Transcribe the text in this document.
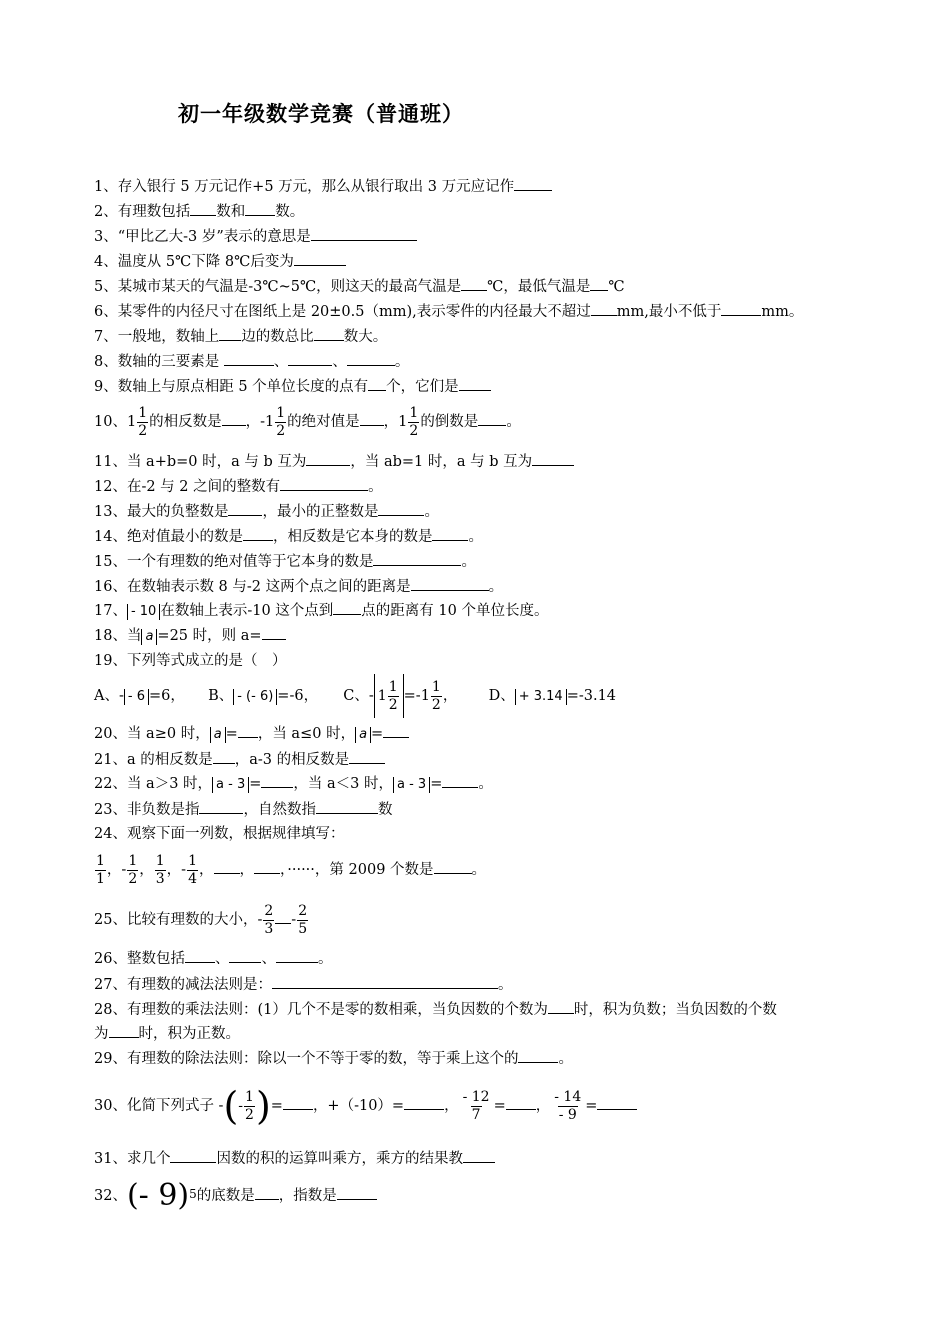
初一年级数学竞赛（普通班）
1、存入银行 5 万元记作+5 万元，那么从银行取出 3 万元应记作
2、有理数包括 数和 数。
3、“甲比乙大-3 岁”表示的意思是
4、温度从 5℃下降 8℃后变为
5、某城市某天的气温是-3℃~5℃，则这天的最高气温是 ℃，最低气温是 ℃
6、某零件的内径尺寸在图纸上是 20±0.5（mm),表示零件的内径最大不超过 mm,最小不低于	mm。
7、一般地，数轴上 边的数总比 数大。
8、数轴的三要素是	、	、	。
9、数轴上与原点相距 5 个单位长度的点有 个，它们是
10、$1 \frac{1}{2}$ 的相反数是 ，$-1 \frac{1}{2}$ 的绝对值是 ，$1 \frac{1}{2}$ 的倒数是 。
11、当 a+b=0 时，a 与 b 互为	，当 ab=1 时，a 与 b 互为
12、在-2 与 2 之间的整数有	。
13、最大的负整数是 ，最小的正整数是	。
14、绝对值最小的数是 ，相反数是它本身的数是 。
15、一个有理数的绝对值等于它本身的数是	。
16、在数轴表示数 8 与-2 这两个点之间的距离是	。
17、 - 10 在数轴上表示-10 这个点到 点的距离有 10 个单位长度。
18、当 a =25 时，则 a=
19、下列等式成立的是（　）
A、- - 6 =6， B、 - (- 6) =-6， C、- 1
1
2
$=-1 \frac{1}{2}$ ， D、 + 3.14 =-3.14
20、当 a≥0 时， a = ，当 a≤0 时， a =
21、a 的相反数是 ，a-3 的相反数是
22、当 a＞3 时， a - 3 = ，当 a＜3 时， a - 3 = 。
23、非负数是指	，自然数指	数
24、观察下面一列数，根据规律填写：
$\frac{1}{1}$ ，- $\frac{1}{2}$ ， $\frac{1}{3}$ ，- $\frac{1}{4}$ ， ， ，······，第 2009 个数是	。
25、比较有理数的大小，- $\frac{2}{3} - \frac{2}{5}$
26、整数包括 、 、	。
27、有理数的减法法则是：	。
28、有理数的乘法法则：(1）几个不是零的数相乘，当负因数的个数为 时，积为负数；当负因数的个数
为 时，积为正数。
29、有理数的除法法则：除以一个不等于零的数，等于乘上这个的	。
30、化简下列式子 - ( -
1
2 ) = ，+（-10）=	， $\frac{- 12}{7}$ = ， $\frac{- 14}{- 9}$ =
31、求几个	因数的积的运算叫乘方，乘方的结果教
32、(- 9)$^5$的底数是 ，指数是
